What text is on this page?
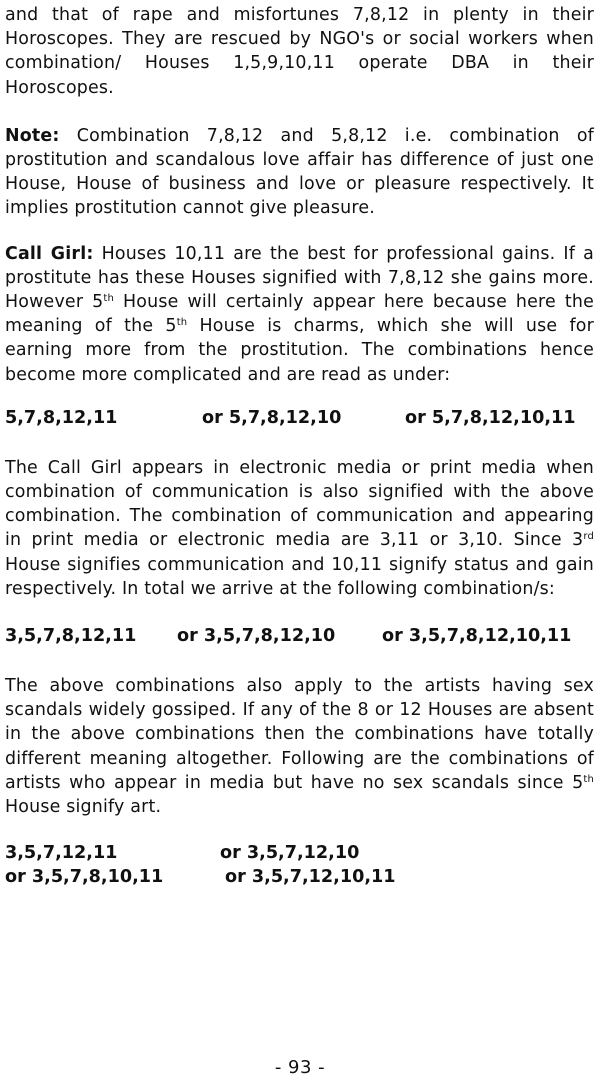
and that of rape and misfortunes 7,8,12 in plenty in their Horoscopes. They are rescued by NGO's or social workers when combination/ Houses 1,5,9,10,11 operate DBA in their Horoscopes.

Note: Combination 7,8,12 and 5,8,12 i.e. combination of prostitution and scandalous love affair has difference of just one House, House of business and love or pleasure respectively. It implies prostitution cannot give pleasure.

Call Girl: Houses 10,11 are the best for professional gains. If a prostitute has these Houses signified with 7,8,12 she gains more. However 5th House will certainly appear here because here the meaning of the 5th House is charms, which she will use for earning more from the prostitution. The combinations hence become more complicated and are read as under:

5,7,8,12,11	or 5,7,8,12,10	or 5,7,8,12,10,11

The Call Girl appears in electronic media or print media when combination of communication is also signified with the above combination. The combination of communication and appearing in print media or electronic media are 3,11 or 3,10. Since 3rd House signifies communication and 10,11 signify status and gain respectively. In total we arrive at the following combination/s:

3,5,7,8,12,11 or 3,5,7,8,12,10	or 3,5,7,8,12,10,11

The above combinations also apply to the artists having sex scandals widely gossiped. If any of the 8 or 12 Houses are absent in the above combinations then the combinations have totally different meaning altogether. Following are the combinations of artists who appear in media but have no sex scandals since 5th House signify art.

3,5,7,12,11	or 3,5,7,12,10
or 3,5,7,8,10,11	or 3,5,7,12,10,11
- 93 -
